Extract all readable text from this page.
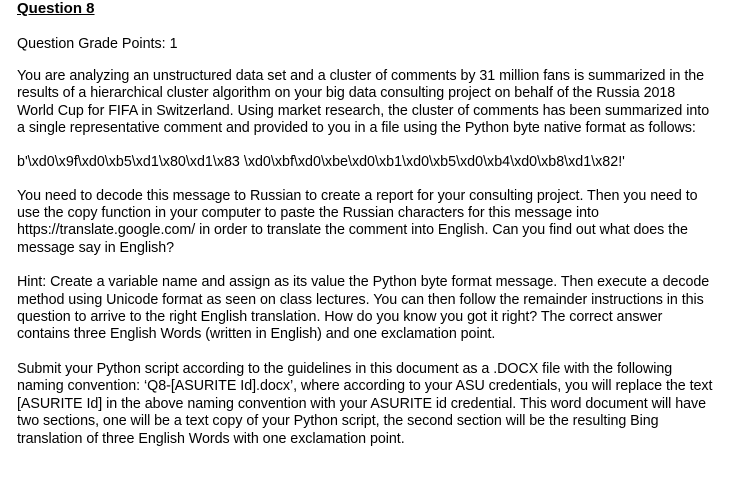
Question 8

Question Grade Points: 1

You are analyzing an unstructured data set and a cluster of comments by 31 million fans is summarized in the
results of a hierarchical cluster algorithm on your big data consulting project on behalf of the Russia 2018
World Cup for FIFA in Switzerland. Using market research, the cluster of comments has been summarized into
a single representative comment and provided to you in a file using the Python byte native format as follows:

b'\xd0\x9f\xd0\xb5\xd1\x80\xd1\x83 \xd0\xbf\xd0\xbe\xd0\xb1\xd0\xb5\xd0\xb4\xd0\xb8\xd1\x82!'

You need to decode this message to Russian to create a report for your consulting project. Then you need to
use the copy function in your computer to paste the Russian characters for this message into
https://translate.google.com/ in order to translate the comment into English. Can you find out what does the
message say in English?

Hint: Create a variable name and assign as its value the Python byte format message. Then execute a decode
method using Unicode format as seen on class lectures. You can then follow the remainder instructions in this
question to arrive to the right English translation. How do you know you got it right? The correct answer
contains three English Words (written in English) and one exclamation point.

Submit your Python script according to the guidelines in this document as a .DOCX file with the following
naming convention: ‘Q8-[ASURITE Id].docx’, where according to your ASU credentials, you will replace the text
[ASURITE Id] in the above naming convention with your ASURITE id credential. This word document will have
two sections, one will be a text copy of your Python script, the second section will be the resulting Bing
translation of three English Words with one exclamation point.
